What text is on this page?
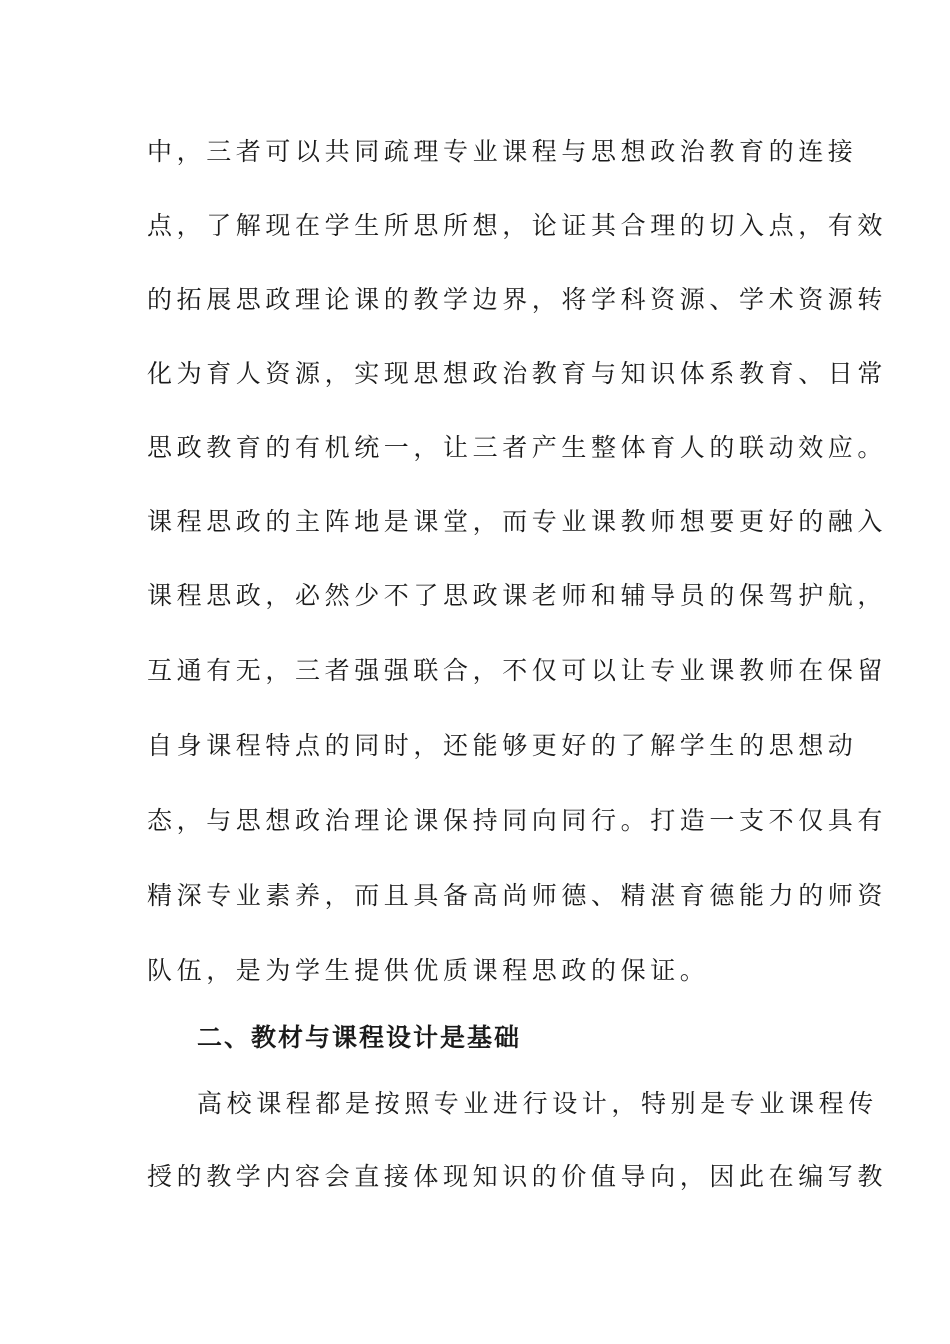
中，三者可以共同疏理专业课程与思想政治教育的连接
点，了解现在学生所思所想，论证其合理的切入点，有效
的拓展思政理论课的教学边界，将学科资源、学术资源转
化为育人资源，实现思想政治教育与知识体系教育、日常
思政教育的有机统一，让三者产生整体育人的联动效应。
课程思政的主阵地是课堂，而专业课教师想要更好的融入
课程思政，必然少不了思政课老师和辅导员的保驾护航，
互通有无，三者强强联合，不仅可以让专业课教师在保留
自身课程特点的同时，还能够更好的了解学生的思想动
态，与思想政治理论课保持同向同行。打造一支不仅具有
精深专业素养，而且具备高尚师德、精湛育德能力的师资
队伍，是为学生提供优质课程思政的保证。
二、教材与课程设计是基础
高校课程都是按照专业进行设计，特别是专业课程传
授的教学内容会直接体现知识的价值导向，因此在编写教
